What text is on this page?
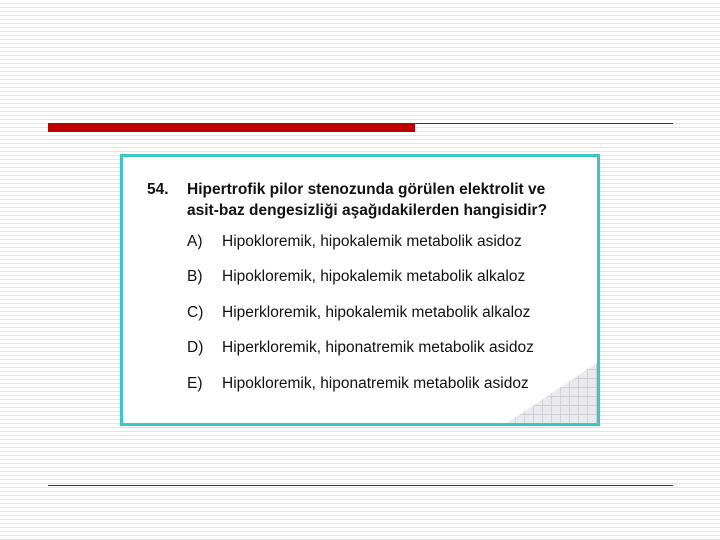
54. Hipertrofik pilor stenozunda görülen elektrolit ve
asit-baz dengesizliği aşağıdakilerden hangisidir?
A) Hipokloremik, hipokalemik metabolik asidoz
B) Hipokloremik, hipokalemik metabolik alkaloz
C) Hiperkloremik, hipokalemik metabolik alkaloz
D) Hiperkloremik, hiponatremik metabolik asidoz
E) Hipokloremik, hiponatremik metabolik asidoz
